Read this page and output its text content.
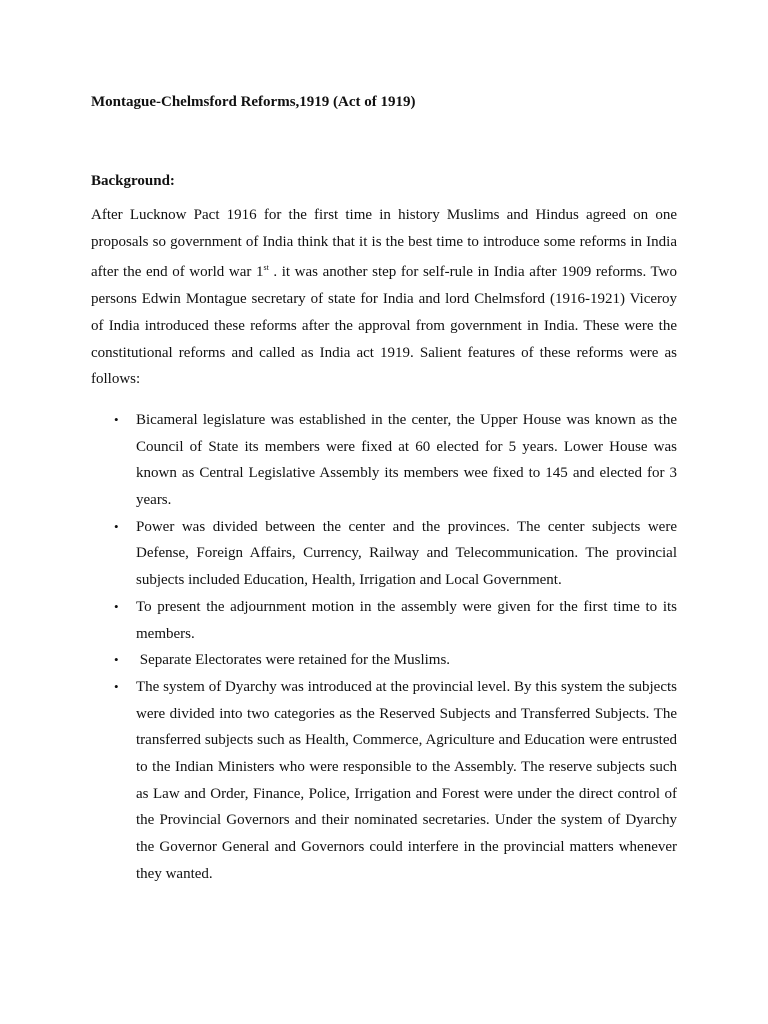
Montague-Chelmsford Reforms,1919 (Act of 1919)

Background:

After Lucknow Pact 1916 for the first time in history Muslims and Hindus agreed on one proposals so government of India think that it is the best time to introduce some reforms in India after the end of world war 1st . it was another step for self-rule in India after 1909 reforms. Two persons Edwin Montague secretary of state for India and lord Chelmsford (1916-1921) Viceroy of India introduced these reforms after the approval from government in India. These were the constitutional reforms and called as India act 1919. Salient features of these reforms were as follows:

• Bicameral legislature was established in the center, the Upper House was known as the Council of State its members were fixed at 60 elected for 5 years. Lower House was known as Central Legislative Assembly its members wee fixed to 145 and elected for 3 years.
• Power was divided between the center and the provinces. The center subjects were Defense, Foreign Affairs, Currency, Railway and Telecommunication. The provincial subjects included Education, Health, Irrigation and Local Government.
• To present the adjournment motion in the assembly were given for the first time to its members.
• Separate Electorates were retained for the Muslims.
• The system of Dyarchy was introduced at the provincial level. By this system the subjects were divided into two categories as the Reserved Subjects and Transferred Subjects. The transferred subjects such as Health, Commerce, Agriculture and Education were entrusted to the Indian Ministers who were responsible to the Assembly. The reserve subjects such as Law and Order, Finance, Police, Irrigation and Forest were under the direct control of the Provincial Governors and their nominated secretaries. Under the system of Dyarchy the Governor General and Governors could interfere in the provincial matters whenever they wanted.
